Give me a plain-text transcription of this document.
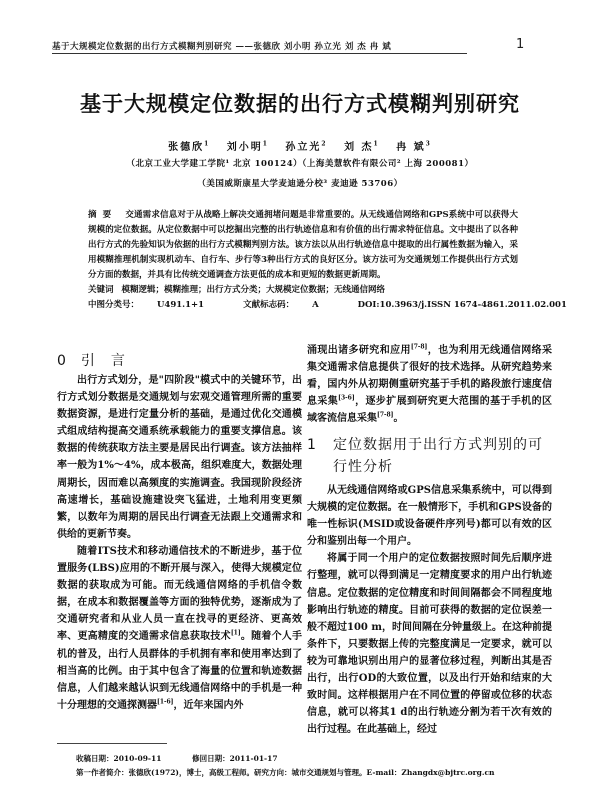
基于大规模定位数据的出行方式模糊判别研究 ——张德欣 刘小明 孙立光 刘 杰 冉 斌	1
基于大规模定位数据的出行方式模糊判别研究
张德欣$^1$ 刘小明$^1$ 孙立光$^2$ 刘 杰$^1$ 冉 斌$^3$
（北京工业大学建工学院¹ 北京 100124）（上海美慧软件有限公司² 上海 200081）
（美国威斯康星大学麦迪逊分校³ 麦迪逊 53706）
摘要 交通需求信息对于从战略上解决交通拥堵问题是非常重要的。从无线通信网络和GPS系统中可以获得大规模的定位数据。从定位数据中可以挖掘出完整的出行轨迹信息和有价值的出行需求特征信息。文中提出了以各种出行方式的先验知识为依据的出行方式模糊判别方法。该方法以从出行轨迹信息中提取的出行属性数据为输入，采用模糊推理机制实现机动车、自行车、步行等3种出行方式的良好区分。该方法可为交通规划工作提供出行方式划分方面的数据，并具有比传统交通调查方法更低的成本和更短的数据更新周期。
关键词 模糊逻辑；模糊推理；出行方式分类；大规模定位数据；无线通信网络
中图分类号： U491.1+1	文献标志码： A	DOI:10.3963/j.ISSN 1674-4861.2011.02.001
0 引言

出行方式划分，是"四阶段"模式中的关键环节，出行方式划分数据是交通规划与宏观交通管理所需的重要数据资源，是进行定量分析的基础，是通过优化交通模式组成结构提高交通系统承载能力的重要支撑信息。该数据的传统获取方法主要是居民出行调查。该方法抽样率一般为1%～4%，成本极高，组织难度大，数据处理周期长，因而难以高频度的实施调查。我国现阶段经济高速增长，基础设施建设突飞猛进，土地利用变更频繁，以数年为周期的居民出行调查无法跟上交通需求和供给的更新节奏。

随着ITS技术和移动通信技术的不断进步，基于位置服务(LBS)应用的不断开展与深入，使得大规模定位数据的获取成为可能。而无线通信网络的手机信令数据，在成本和数据覆盖等方面的独特优势，逐渐成为了交通研究者和从业人员一直在找寻的更经济、更高效率、更高精度的交通需求信息获取技术[1]。随着个人手机的普及，出行人员群体的手机拥有率和使用率达到了相当高的比例。由于其中包含了海量的位置和轨迹数据信息，人们越来越认识到无线通信网络中的手机是一种十分理想的交通探测器[1-6]，近年来国内外

涌现出诸多研究和应用[7-8]，也为利用无线通信网络采集交通需求信息提供了很好的技术选择。从研究趋势来看，国内外从初期侧重研究基于手机的路段旅行速度信息采集[3-6]，逐步扩展到研究更大范围的基于手机的区域客流信息采集[7-8]。

1 定位数据用于出行方式判别的可
行性分析

从无线通信网络或GPS信息采集系统中，可以得到大规模的定位数据。在一般情形下，手机和GPS设备的唯一性标识(MSID或设备硬件序列号)都可以有效的区分和鉴别出每一个用户。

将属于同一个用户的定位数据按照时间先后顺序进行整理，就可以得到满足一定精度要求的用户出行轨迹信息。定位数据的定位精度和时间间隔都会不同程度地影响出行轨迹的精度。目前可获得的数据的定位误差一般不超过100 m，时间间隔在分钟量级上。在这种前提条件下，只要数据上传的完整度满足一定要求，就可以较为可靠地识别出用户的显著位移过程，判断出其是否出行，出行OD的大致位置，以及出行开始和结束的大致时间。这样根据用户在不同位置的停留或位移的状态信息，就可以将其1 d的出行轨迹分割为若干次有效的出行过程。在此基础上，经过

收稿日期：2010-09-11	修回日期：2011-01-17
第一作者简介：张德欣(1972)，博士，高级工程师。研究方向：城市交通规划与管理。E-mail：Zhangdx@bjtrc.org.cn
